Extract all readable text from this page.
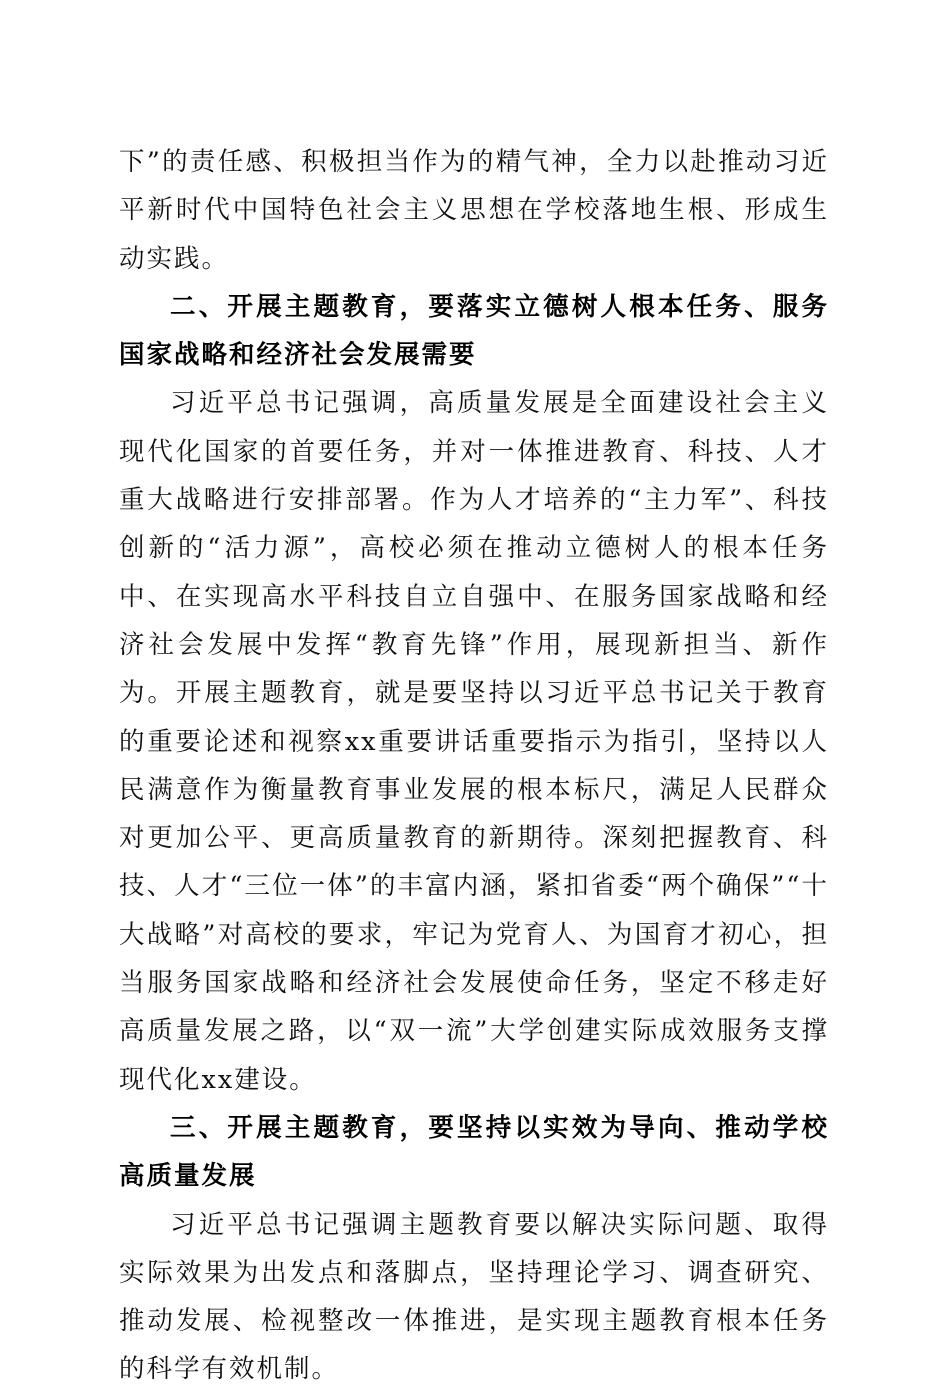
下”的责任感、积极担当作为的精气神，全力以赴推动习近平新时代中国特色社会主义思想在学校落地生根、形成生动实践。

二、开展主题教育，要落实立德树人根本任务、服务国家战略和经济社会发展需要

习近平总书记强调，高质量发展是全面建设社会主义现代化国家的首要任务，并对一体推进教育、科技、人才重大战略进行安排部署。作为人才培养的“主力军”、科技创新的“活力源”，高校必须在推动立德树人的根本任务中、在实现高水平科技自立自强中、在服务国家战略和经济社会发展中发挥“教育先锋”作用，展现新担当、新作为。开展主题教育，就是要坚持以习近平总书记关于教育的重要论述和视察xx重要讲话重要指示为指引，坚持以人民满意作为衡量教育事业发展的根本标尺，满足人民群众对更加公平、更高质量教育的新期待。深刻把握教育、科技、人才“三位一体”的丰富内涵，紧扣省委“两个确保”“十大战略”对高校的要求，牢记为党育人、为国育才初心，担当服务国家战略和经济社会发展使命任务，坚定不移走好高质量发展之路，以“双一流”大学创建实际成效服务支撑现代化xx建设。

三、开展主题教育，要坚持以实效为导向、推动学校高质量发展

习近平总书记强调主题教育要以解决实际问题、取得实际效果为出发点和落脚点，坚持理论学习、调查研究、推动发展、检视整改一体推进，是实现主题教育根本任务的科学有效机制。
